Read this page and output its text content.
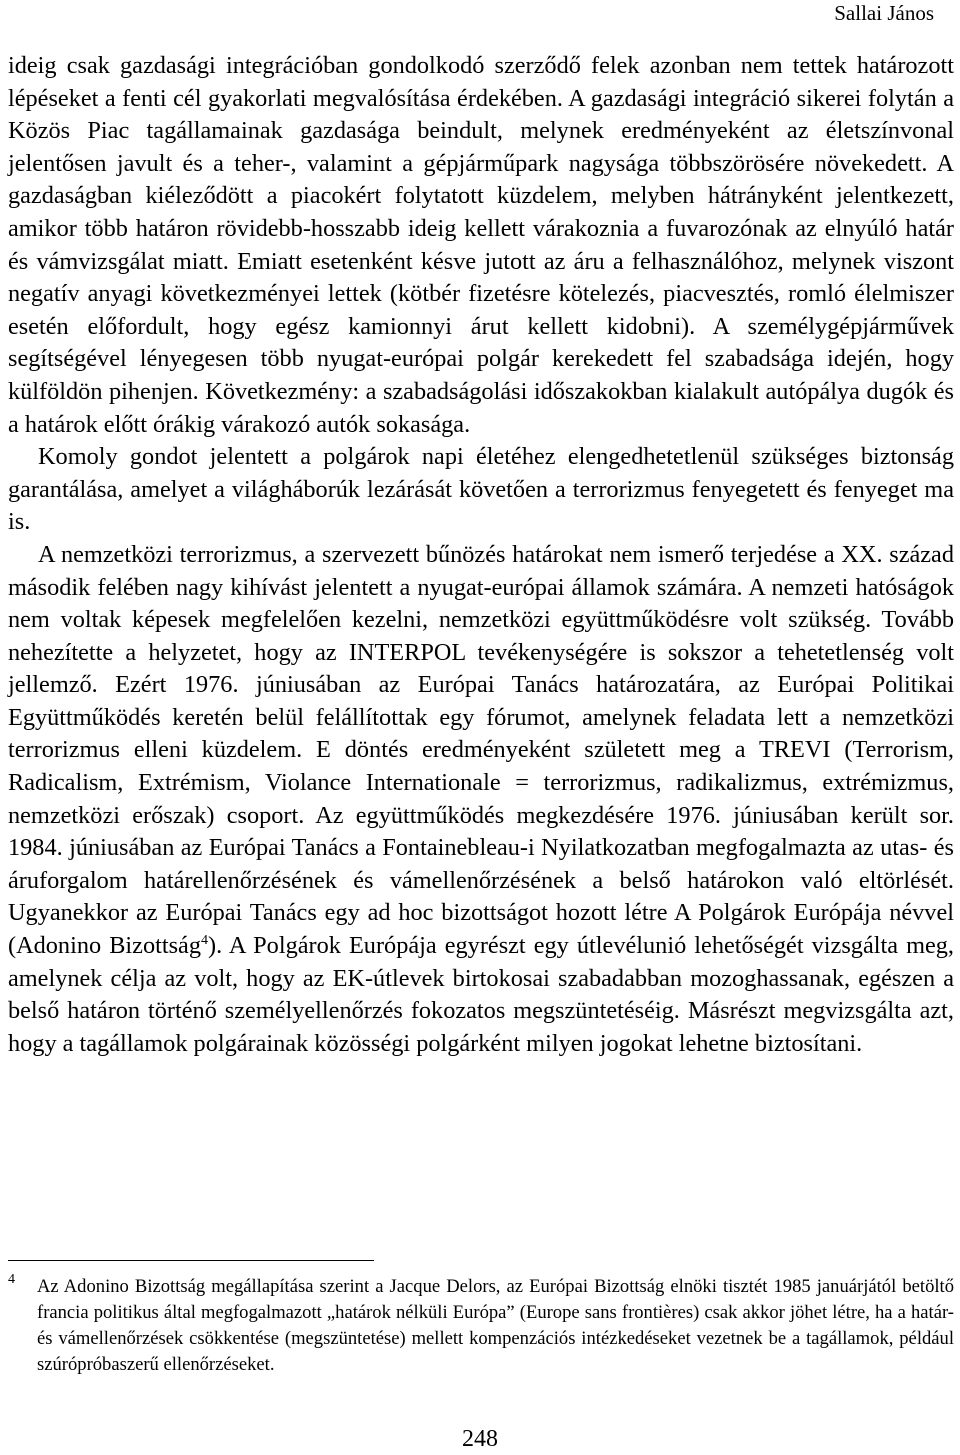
Sallai János

ideig csak gazdasági integrációban gondolkodó szerződő felek azonban nem tettek határozott lépéseket a fenti cél gyakorlati megvalósítása érdekében. A gazdasági integráció sikerei folytán a Közös Piac tagállamainak gazdasága beindult, melynek eredményeként az életszínvonal jelentősen javult és a teher-, valamint a gépjárműpark nagysága többszörösére növekedett. A gazdaságban kiéleződött a piacokért folytatott küzdelem, melyben hátrányként jelentkezett, amikor több határon rövidebb-hosszabb ideig kellett várakoznia a fuvarozónak az elnyúló határ és vámvizsgálat miatt. Emiatt esetenként késve jutott az áru a felhasználóhoz, melynek viszont negatív anyagi következményei lettek (kötbér fizetésre kötelezés, piacvesztés, romló élelmiszer esetén előfordult, hogy egész kamionnyi árut kellett kidobni). A személygépjárművek segítségével lényegesen több nyugat-európai polgár kerekedett fel szabadsága idején, hogy külföldön pihenjen. Következmény: a szabadságolási időszakokban kialakult autópálya dugók és a határok előtt órákig várakozó autók sokasága.

Komoly gondot jelentett a polgárok napi életéhez elengedhetetlenül szükséges biztonság garantálása, amelyet a világháborúk lezárását követően a terrorizmus fenyegetett és fenyeget ma is.

A nemzetközi terrorizmus, a szervezett bűnözés határokat nem ismerő terjedése a XX. század második felében nagy kihívást jelentett a nyugat-európai államok számára. A nemzeti hatóságok nem voltak képesek megfelelően kezelni, nemzetközi együttműködésre volt szükség. Tovább nehezítette a helyzetet, hogy az INTERPOL tevékenységére is sokszor a tehetetlenség volt jellemző. Ezért 1976. júniusában az Európai Tanács határozatára, az Európai Politikai Együttműködés keretén belül felállítottak egy fórumot, amelynek feladata lett a nemzetközi terrorizmus elleni küzdelem. E döntés eredményeként született meg a TREVI (Terrorism, Radicalism, Extrémism, Violance Internationale = terrorizmus, radikalizmus, extrémizmus, nemzetközi erőszak) csoport. Az együttműködés megkezdésére 1976. júniusában került sor. 1984. júniusában az Európai Tanács a Fontainebleau-i Nyilatkozatban megfogalmazta az utas- és áruforgalom határellenőrzésének és vámellenőrzésének a belső határokon való eltörlését. Ugyanekkor az Európai Tanács egy ad hoc bizottságot hozott létre A Polgárok Európája névvel (Adonino Bizottság$^4$). A Polgárok Európája egyrészt egy útlevélunió lehetőségét vizsgálta meg, amelynek célja az volt, hogy az EK-útlevek birtokosai szabadabban mozoghassanak, egészen a belső határon történő személyellenőrzés fokozatos megszüntetéséig. Másrészt megvizsgálta azt, hogy a tagállamok polgárainak közösségi polgárként milyen jogokat lehetne biztosítani.

4 Az Adonino Bizottság megállapítása szerint a Jacque Delors, az Európai Bizottság elnöki tisztét 1985 januárjától betöltő francia politikus által megfogalmazott „határok nélküli Európa” (Europe sans frontières) csak akkor jöhet létre, ha a határ- és vámellenőrzések csökkentése (megszüntetése) mellett kompenzációs intézkedéseket vezetnek be a tagállamok, például szúrópróbaszerű ellenőrzéseket.
248
